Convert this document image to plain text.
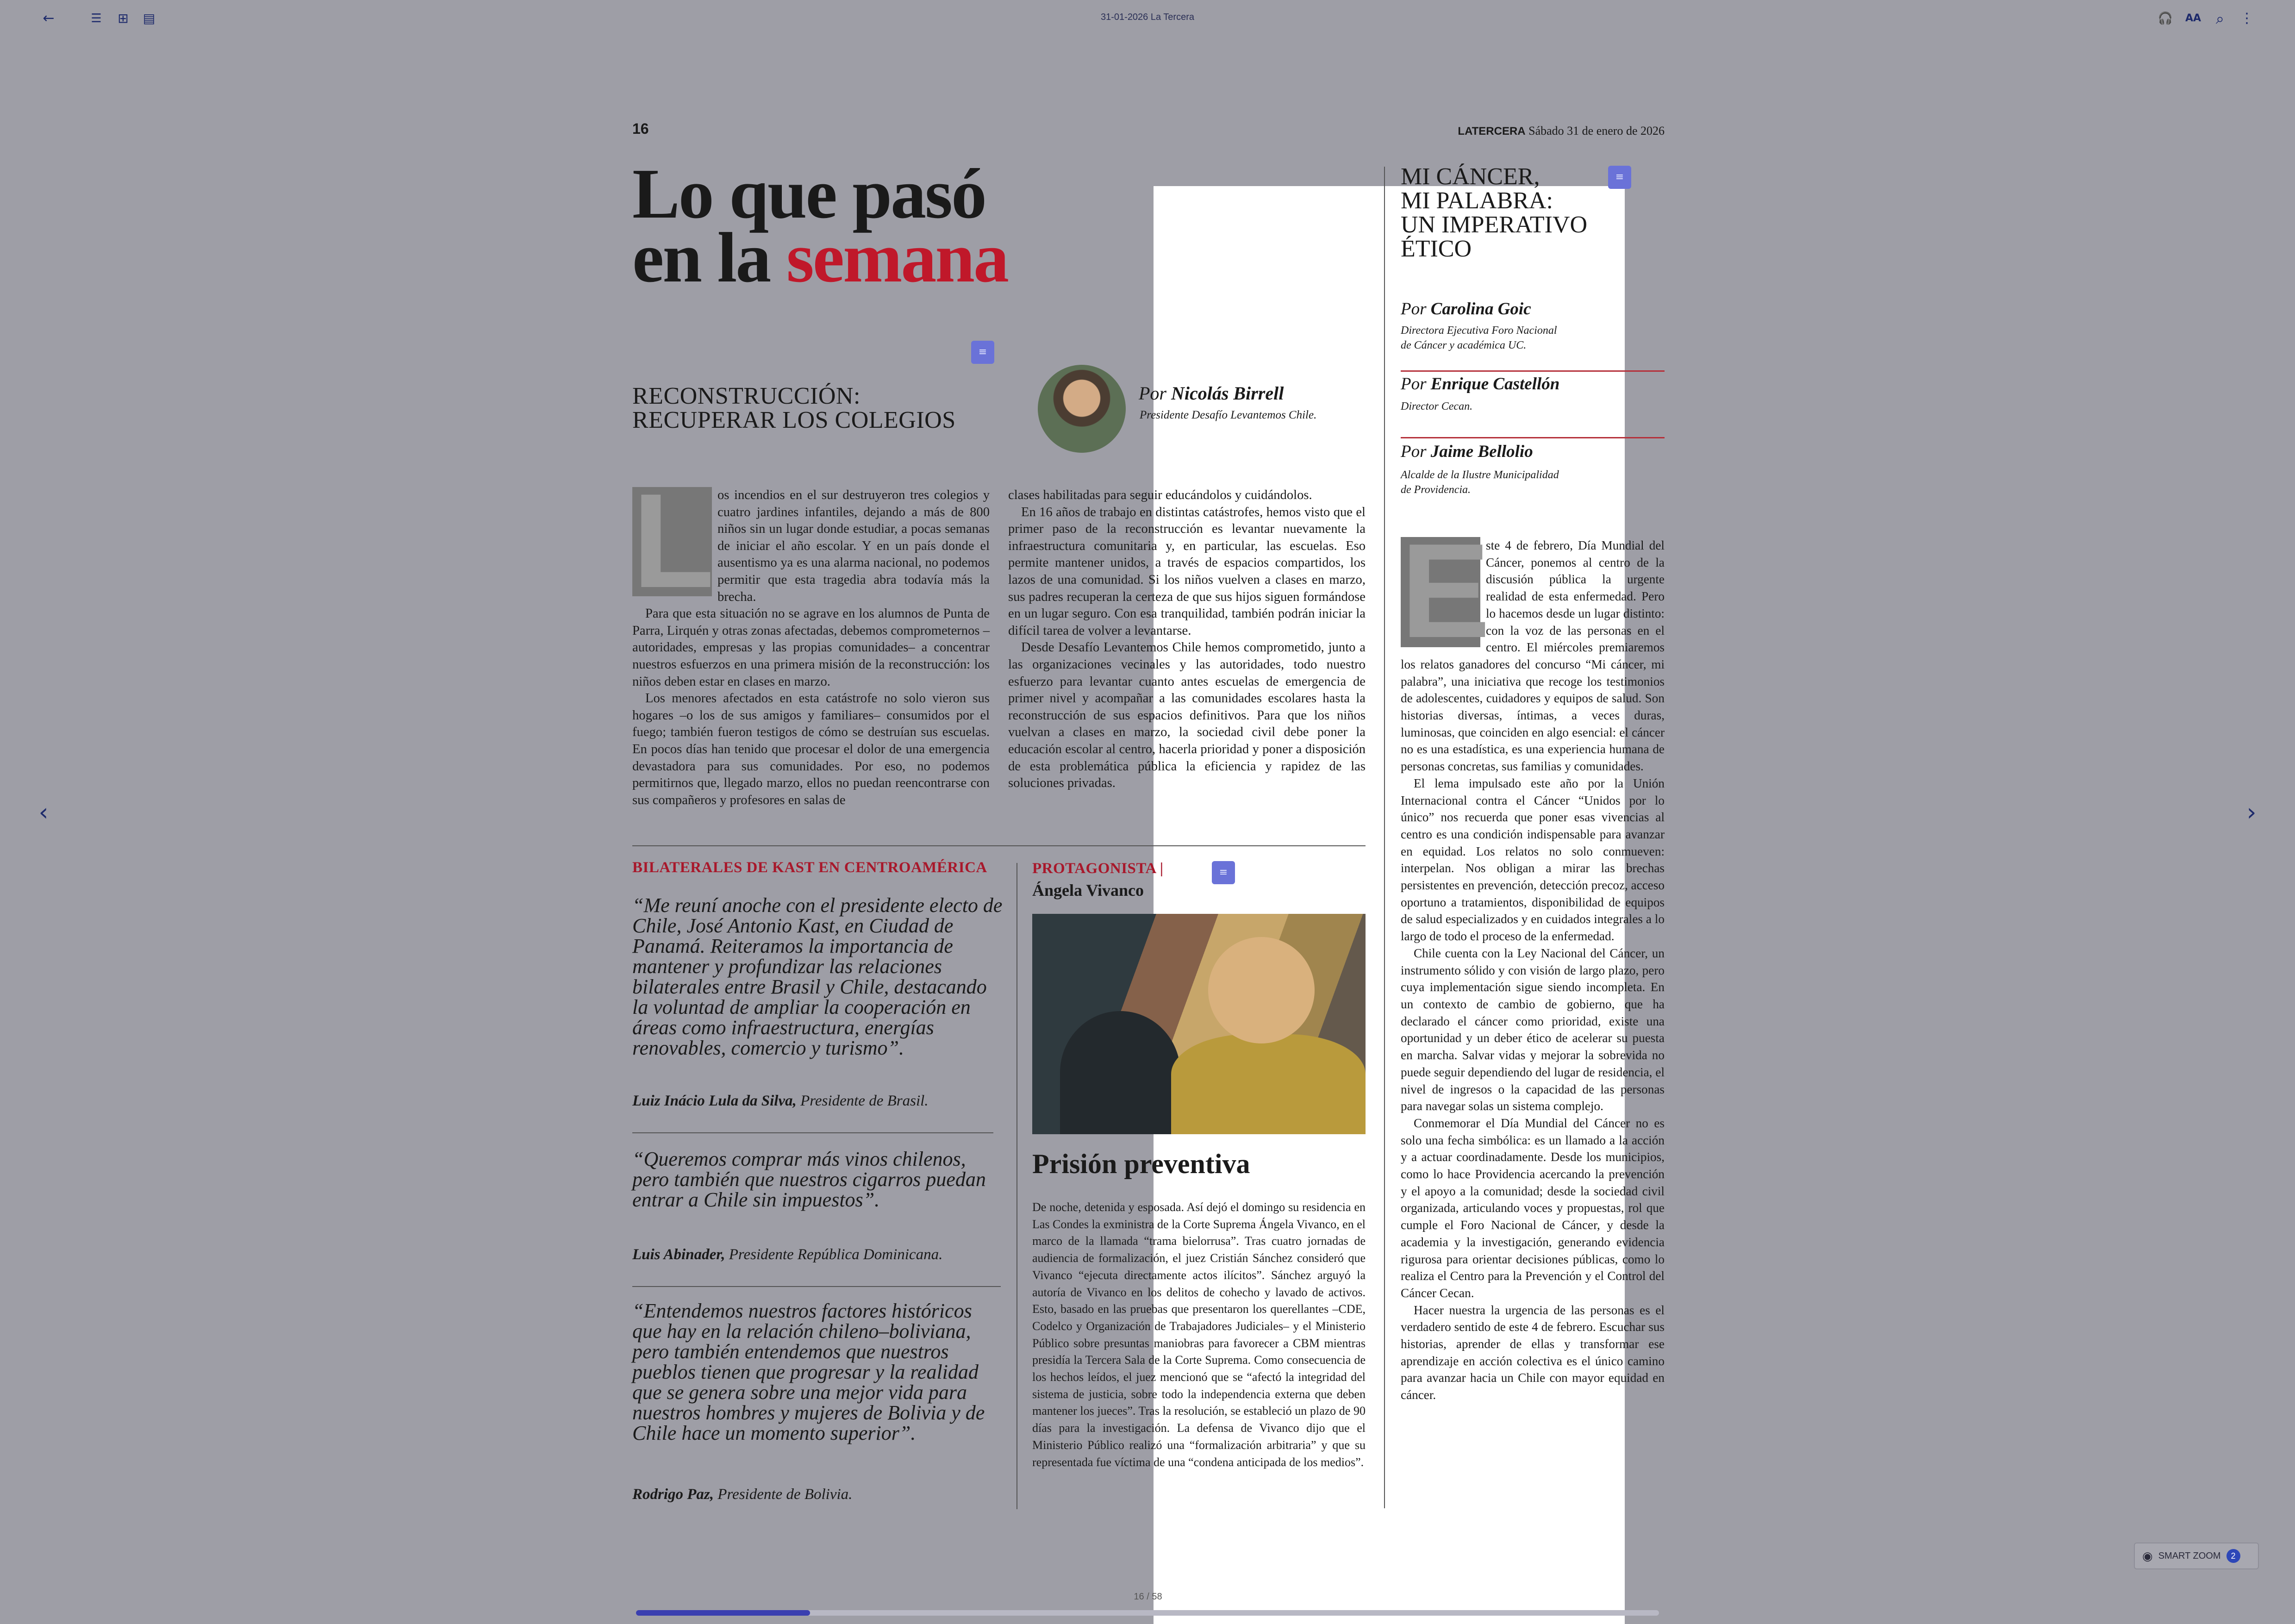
←	☰	⊞	▤	31-01-2026 La Tercera	🎧	AA	⌕	⋮
‹	›
16	LATERCERA Sábado 31 de enero de 2026
Lo que pasó
en la semana
≡
RECONSTRUCCIÓN:
RECUPERAR LOS COLEGIOS
Por Nicolás Birrell
Presidente Desafío Levantemos Chile.
L os incendios en el sur destruyeron tres colegios y cuatro jardines infantiles, dejando a más de 800 niños sin un lugar donde estudiar, a pocas semanas de iniciar el año escolar. Y en un país donde el ausentismo ya es una alarma nacional, no podemos permitir que esta tragedia abra todavía más la brecha.

Para que esta situación no se agrave en los alumnos de Punta de Parra, Lirquén y otras zonas afectadas, debemos comprometernos –autoridades, empresas y las propias comunidades– a concentrar nuestros esfuerzos en una primera misión de la reconstrucción: los niños deben estar en clases en marzo.

Los menores afectados en esta catástrofe no solo vieron sus hogares –o los de sus amigos y familiares– consumidos por el fuego; también fueron testigos de cómo se destruían sus escuelas. En pocos días han tenido que procesar el dolor de una emergencia devastadora para sus comunidades. Por eso, no podemos permitirnos que, llegado marzo, ellos no puedan reencontrarse con sus compañeros y profesores en salas de

clases habilitadas para seguir educándolos y cuidándolos.

En 16 años de trabajo en distintas catástrofes, hemos visto que el primer paso de la reconstrucción es levantar nuevamente la infraestructura comunitaria y, en particular, las escuelas. Eso permite mantener unidos, a través de espacios compartidos, los lazos de una comunidad. Si los niños vuelven a clases en marzo, sus padres recuperan la certeza de que sus hijos siguen formándose en un lugar seguro. Con esa tranquilidad, también podrán iniciar la difícil tarea de volver a levantarse.

Desde Desafío Levantemos Chile hemos comprometido, junto a las organizaciones vecinales y las autoridades, todo nuestro esfuerzo para levantar cuanto antes escuelas de emergencia de primer nivel y acompañar a las comunidades escolares hasta la reconstrucción de sus espacios definitivos. Para que los niños vuelvan a clases en marzo, la sociedad civil debe poner la educación escolar al centro, hacerla prioridad y poner a disposición de esta problemática pública la eficiencia y rapidez de las soluciones privadas.

BILATERALES DE KAST EN CENTROAMÉRICA
“Me reuní anoche con el presidente electo de Chile, José Antonio Kast, en Ciudad de Panamá. Reiteramos la importancia de mantener y profundizar las relaciones bilaterales entre Brasil y Chile, destacando la voluntad de ampliar la cooperación en áreas como infraestructura, energías renovables, comercio y turismo”.
Luiz Inácio Lula da Silva, Presidente de Brasil.
“Queremos comprar más vinos chilenos, pero también que nuestros cigarros puedan entrar a Chile sin impuestos”.
Luis Abinader, Presidente República Dominicana.
“Entendemos nuestros factores históricos que hay en la relación chileno–boliviana, pero también entendemos que nuestros pueblos tienen que progresar y la realidad que se genera sobre una mejor vida para nuestros hombres y mujeres de Bolivia y de Chile hace un momento superior”.
Rodrigo Paz, Presidente de Bolivia.
PROTAGONISTA |	≡
Ángela Vivanco
Prisión preventiva

De noche, detenida y esposada. Así dejó el domingo su residencia en Las Condes la exministra de la Corte Suprema Ángela Vivanco, en el marco de la llamada “trama bielorrusa”. Tras cuatro jornadas de audiencia de formalización, el juez Cristián Sánchez consideró que Vivanco “ejecuta directamente actos ilícitos”. Sánchez arguyó la autoría de Vivanco en los delitos de cohecho y lavado de activos. Esto, basado en las pruebas que presentaron los querellantes –CDE, Codelco y Organización de Trabajadores Judiciales– y el Ministerio Público sobre presuntas maniobras para favorecer a CBM mientras presidía la Tercera Sala de la Corte Suprema. Como consecuencia de los hechos leídos, el juez mencionó que se “afectó la integridad del sistema de justicia, sobre todo la independencia externa que deben mantener los jueces”. Tras la resolución, se estableció un plazo de 90 días para la investigación. La defensa de Vivanco dijo que el Ministerio Público realizó una “formalización arbitraria” y que su representada fue víctima de una “condena anticipada de los medios”.

≡
MI CÁNCER,
MI PALABRA:
UN IMPERATIVO
ÉTICO
Por Carolina Goic
Directora Ejecutiva Foro Nacional
de Cáncer y académica UC.
Por Enrique Castellón
Director Cecan.
Por Jaime Bellolio
Alcalde de la Ilustre Municipalidad
de Providencia.
E

ste 4 de febrero, Día Mundial del Cáncer, ponemos al centro de la discusión pública la urgente realidad de esta enfermedad. Pero lo hacemos desde un lugar distinto: con la voz de las personas en el centro. El miércoles premiaremos los relatos ganadores del concurso “Mi cáncer, mi palabra”, una iniciativa que recoge los testimonios de adolescentes, cuidadores y equipos de salud. Son historias diversas, íntimas, a veces duras, luminosas, que coinciden en algo esencial: el cáncer no es una estadística, es una experiencia humana de personas concretas, sus familias y comunidades.

El lema impulsado este año por la Unión Internacional contra el Cáncer “Unidos por lo único” nos recuerda que poner esas vivencias al centro es una condición indispensable para avanzar en equidad. Los relatos no solo conmueven: interpelan. Nos obligan a mirar las brechas persistentes en prevención, detección precoz, acceso oportuno a tratamientos, disponibilidad de equipos de salud especializados y en cuidados integrales a lo largo de todo el proceso de la enfermedad.

Chile cuenta con la Ley Nacional del Cáncer, un instrumento sólido y con visión de largo plazo, pero cuya implementación sigue siendo incompleta. En un contexto de cambio de gobierno, que ha declarado el cáncer como prioridad, existe una oportunidad y un deber ético de acelerar su puesta en marcha. Salvar vidas y mejorar la sobrevida no puede seguir dependiendo del lugar de residencia, el nivel de ingresos o la capacidad de las personas para navegar solas un sistema complejo.

Conmemorar el Día Mundial del Cáncer no es solo una fecha simbólica: es un llamado a la acción y a actuar coordinadamente. Desde los municipios, como lo hace Providencia acercando la prevención y el apoyo a la comunidad; desde la sociedad civil organizada, articulando voces y propuestas, rol que cumple el Foro Nacional de Cáncer, y desde la academia y la investigación, generando evidencia rigurosa para orientar decisiones públicas, como lo realiza el Centro para la Prevención y el Control del Cáncer Cecan.

Hacer nuestra la urgencia de las personas es el verdadero sentido de este 4 de febrero. Escuchar sus historias, aprender de ellas y transformar ese aprendizaje en acción colectiva es el único camino para avanzar hacia un Chile con mayor equidad en cáncer.

◉ SMART ZOOM	2
16 / 58
